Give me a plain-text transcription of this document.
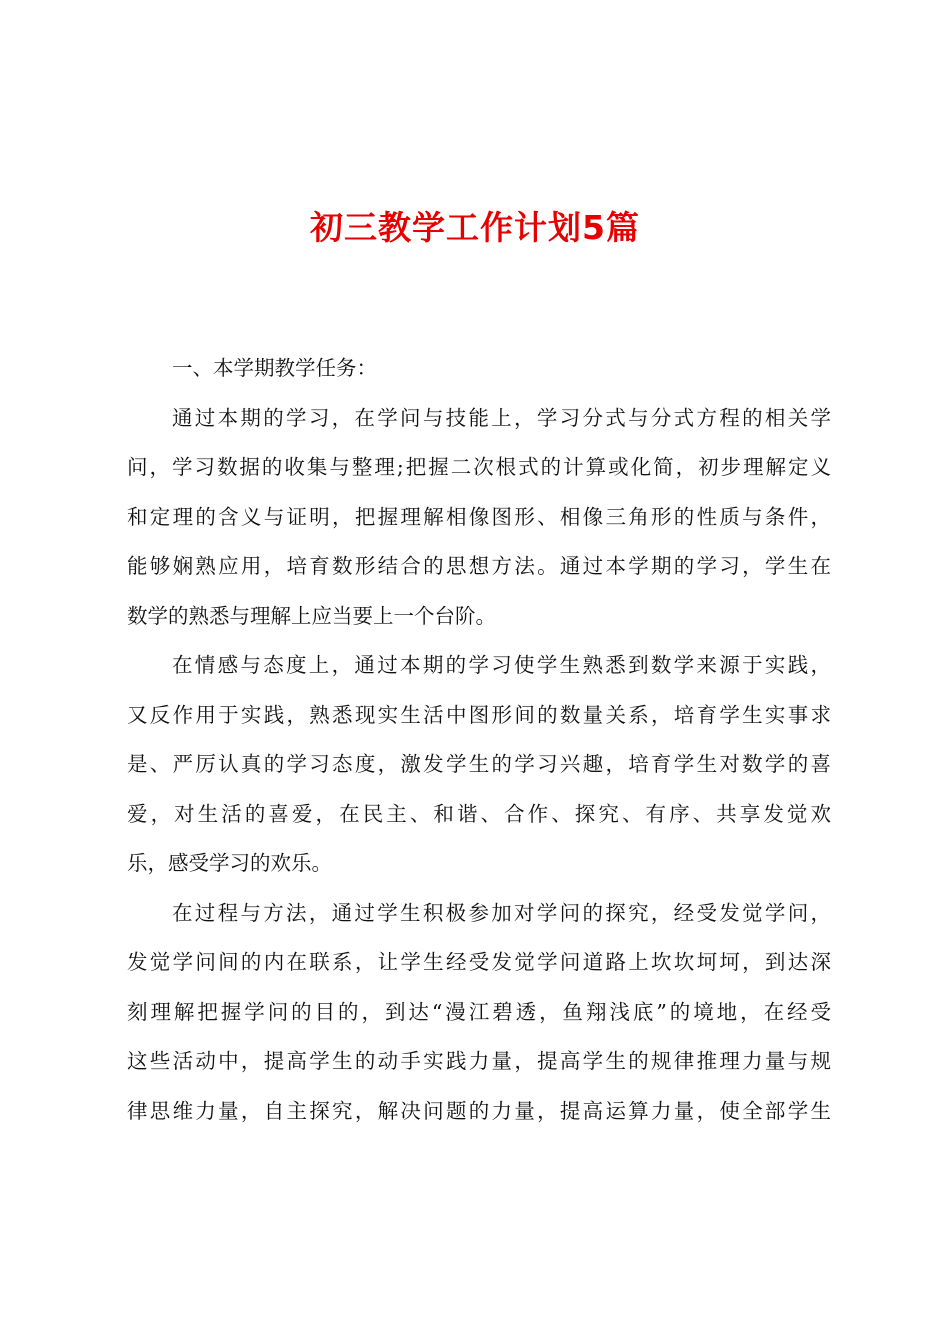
初三教学工作计划5篇
一、本学期教学任务：
通过本期的学习，在学问与技能上，学习分式与分式方程的相关学
问，学习数据的收集与整理;把握二次根式的计算或化简，初步理解定义
和定理的含义与证明，把握理解相像图形、相像三角形的性质与条件，
能够娴熟应用，培育数形结合的思想方法。通过本学期的学习，学生在
数学的熟悉与理解上应当要上一个台阶。
在情感与态度上，通过本期的学习使学生熟悉到数学来源于实践，
又反作用于实践，熟悉现实生活中图形间的数量关系，培育学生实事求
是、严厉认真的学习态度，激发学生的学习兴趣，培育学生对数学的喜
爱，对生活的喜爱，在民主、和谐、合作、探究、有序、共享发觉欢
乐，感受学习的欢乐。
在过程与方法，通过学生积极参加对学问的探究，经受发觉学问，
发觉学问间的内在联系，让学生经受发觉学问道路上坎坎坷坷，到达深
刻理解把握学问的目的，到达“漫江碧透，鱼翔浅底”的境地，在经受
这些活动中，提高学生的动手实践力量，提高学生的规律推理力量与规
律思维力量，自主探究，解决问题的力量，提高运算力量，使全部学生
